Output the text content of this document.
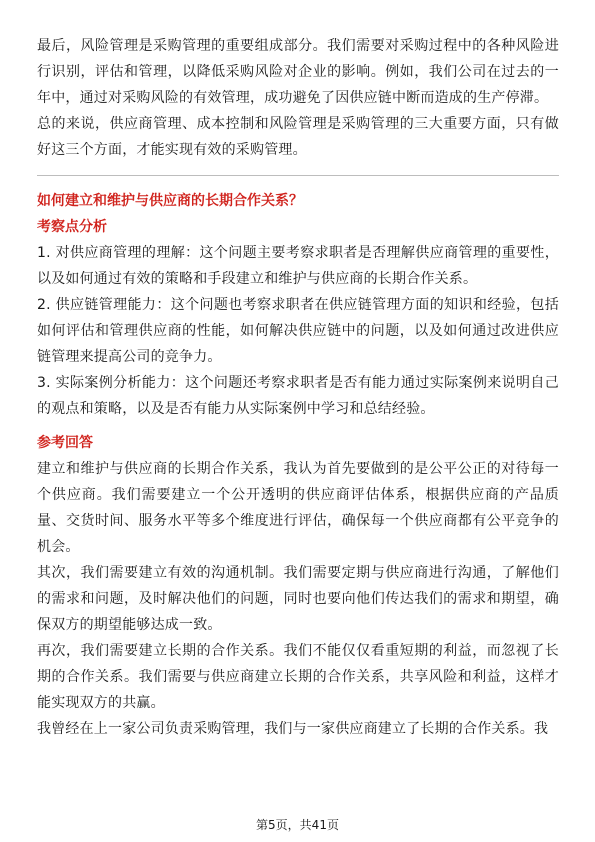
最后，风险管理是采购管理的重要组成部分。我们需要对采购过程中的各种风险进行识别，评估和管理，以降低采购风险对企业的影响。例如，我们公司在过去的一年中，通过对采购风险的有效管理，成功避免了因供应链中断而造成的生产停滞。

总的来说，供应商管理、成本控制和风险管理是采购管理的三大重要方面，只有做好这三个方面，才能实现有效的采购管理。

如何建立和维护与供应商的长期合作关系？

考察点分析

1. 对供应商管理的理解：这个问题主要考察求职者是否理解供应商管理的重要性，以及如何通过有效的策略和手段建立和维护与供应商的长期合作关系。

2. 供应链管理能力：这个问题也考察求职者在供应链管理方面的知识和经验，包括如何评估和管理供应商的性能，如何解决供应链中的问题，以及如何通过改进供应链管理来提高公司的竞争力。

3. 实际案例分析能力：这个问题还考察求职者是否有能力通过实际案例来说明自己的观点和策略，以及是否有能力从实际案例中学习和总结经验。

参考回答

建立和维护与供应商的长期合作关系，我认为首先要做到的是公平公正的对待每一个供应商。我们需要建立一个公开透明的供应商评估体系，根据供应商的产品质量、交货时间、服务水平等多个维度进行评估，确保每一个供应商都有公平竞争的机会。

其次，我们需要建立有效的沟通机制。我们需要定期与供应商进行沟通，了解他们的需求和问题，及时解决他们的问题，同时也要向他们传达我们的需求和期望，确保双方的期望能够达成一致。

再次，我们需要建立长期的合作关系。我们不能仅仅看重短期的利益，而忽视了长期的合作关系。我们需要与供应商建立长期的合作关系，共享风险和利益，这样才能实现双方的共赢。

我曾经在上一家公司负责采购管理，我们与一家供应商建立了长期的合作关系。我

第5页，共41页
